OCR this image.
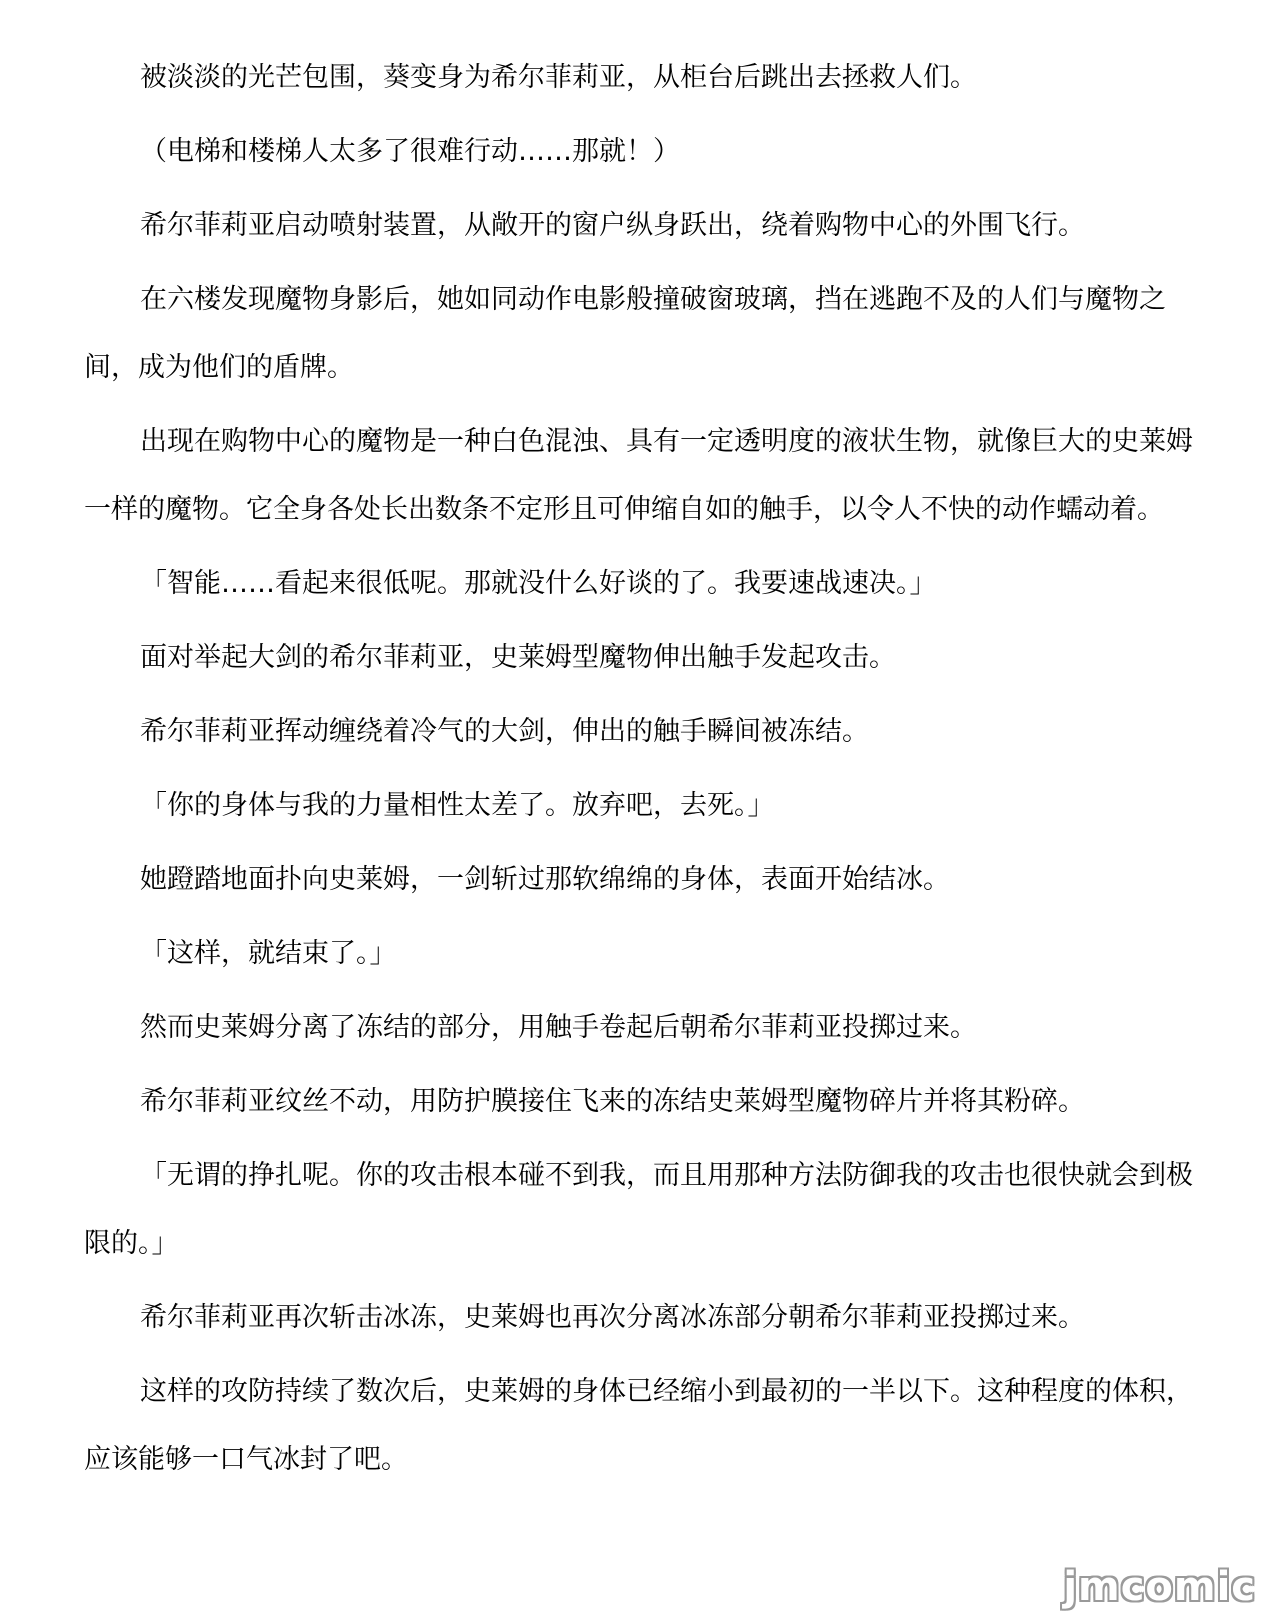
被淡淡的光芒包围，葵变身为希尔菲莉亚，从柜台后跳出去拯救人们。

（电梯和楼梯人太多了很难行动……那就！）

希尔菲莉亚启动喷射装置，从敞开的窗户纵身跃出，绕着购物中心的外围飞行。

在六楼发现魔物身影后，她如同动作电影般撞破窗玻璃，挡在逃跑不及的人们与魔物之间，成为他们的盾牌。

出现在购物中心的魔物是一种白色混浊、具有一定透明度的液状生物，就像巨大的史莱姆一样的魔物。它全身各处长出数条不定形且可伸缩自如的触手，以令人不快的动作蠕动着。

「智能……看起来很低呢。那就没什么好谈的了。我要速战速决。」

面对举起大剑的希尔菲莉亚，史莱姆型魔物伸出触手发起攻击。

希尔菲莉亚挥动缠绕着冷气的大剑，伸出的触手瞬间被冻结。

「你的身体与我的力量相性太差了。放弃吧，去死。」

她蹬踏地面扑向史莱姆，一剑斩过那软绵绵的身体，表面开始结冰。

「这样，就结束了。」

然而史莱姆分离了冻结的部分，用触手卷起后朝希尔菲莉亚投掷过来。

希尔菲莉亚纹丝不动，用防护膜接住飞来的冻结史莱姆型魔物碎片并将其粉碎。

「无谓的挣扎呢。你的攻击根本碰不到我，而且用那种方法防御我的攻击也很快就会到极限的。」

希尔菲莉亚再次斩击冰冻，史莱姆也再次分离冰冻部分朝希尔菲莉亚投掷过来。

这样的攻防持续了数次后，史莱姆的身体已经缩小到最初的一半以下。这种程度的体积，应该能够一口气冰封了吧。

jmcomic
